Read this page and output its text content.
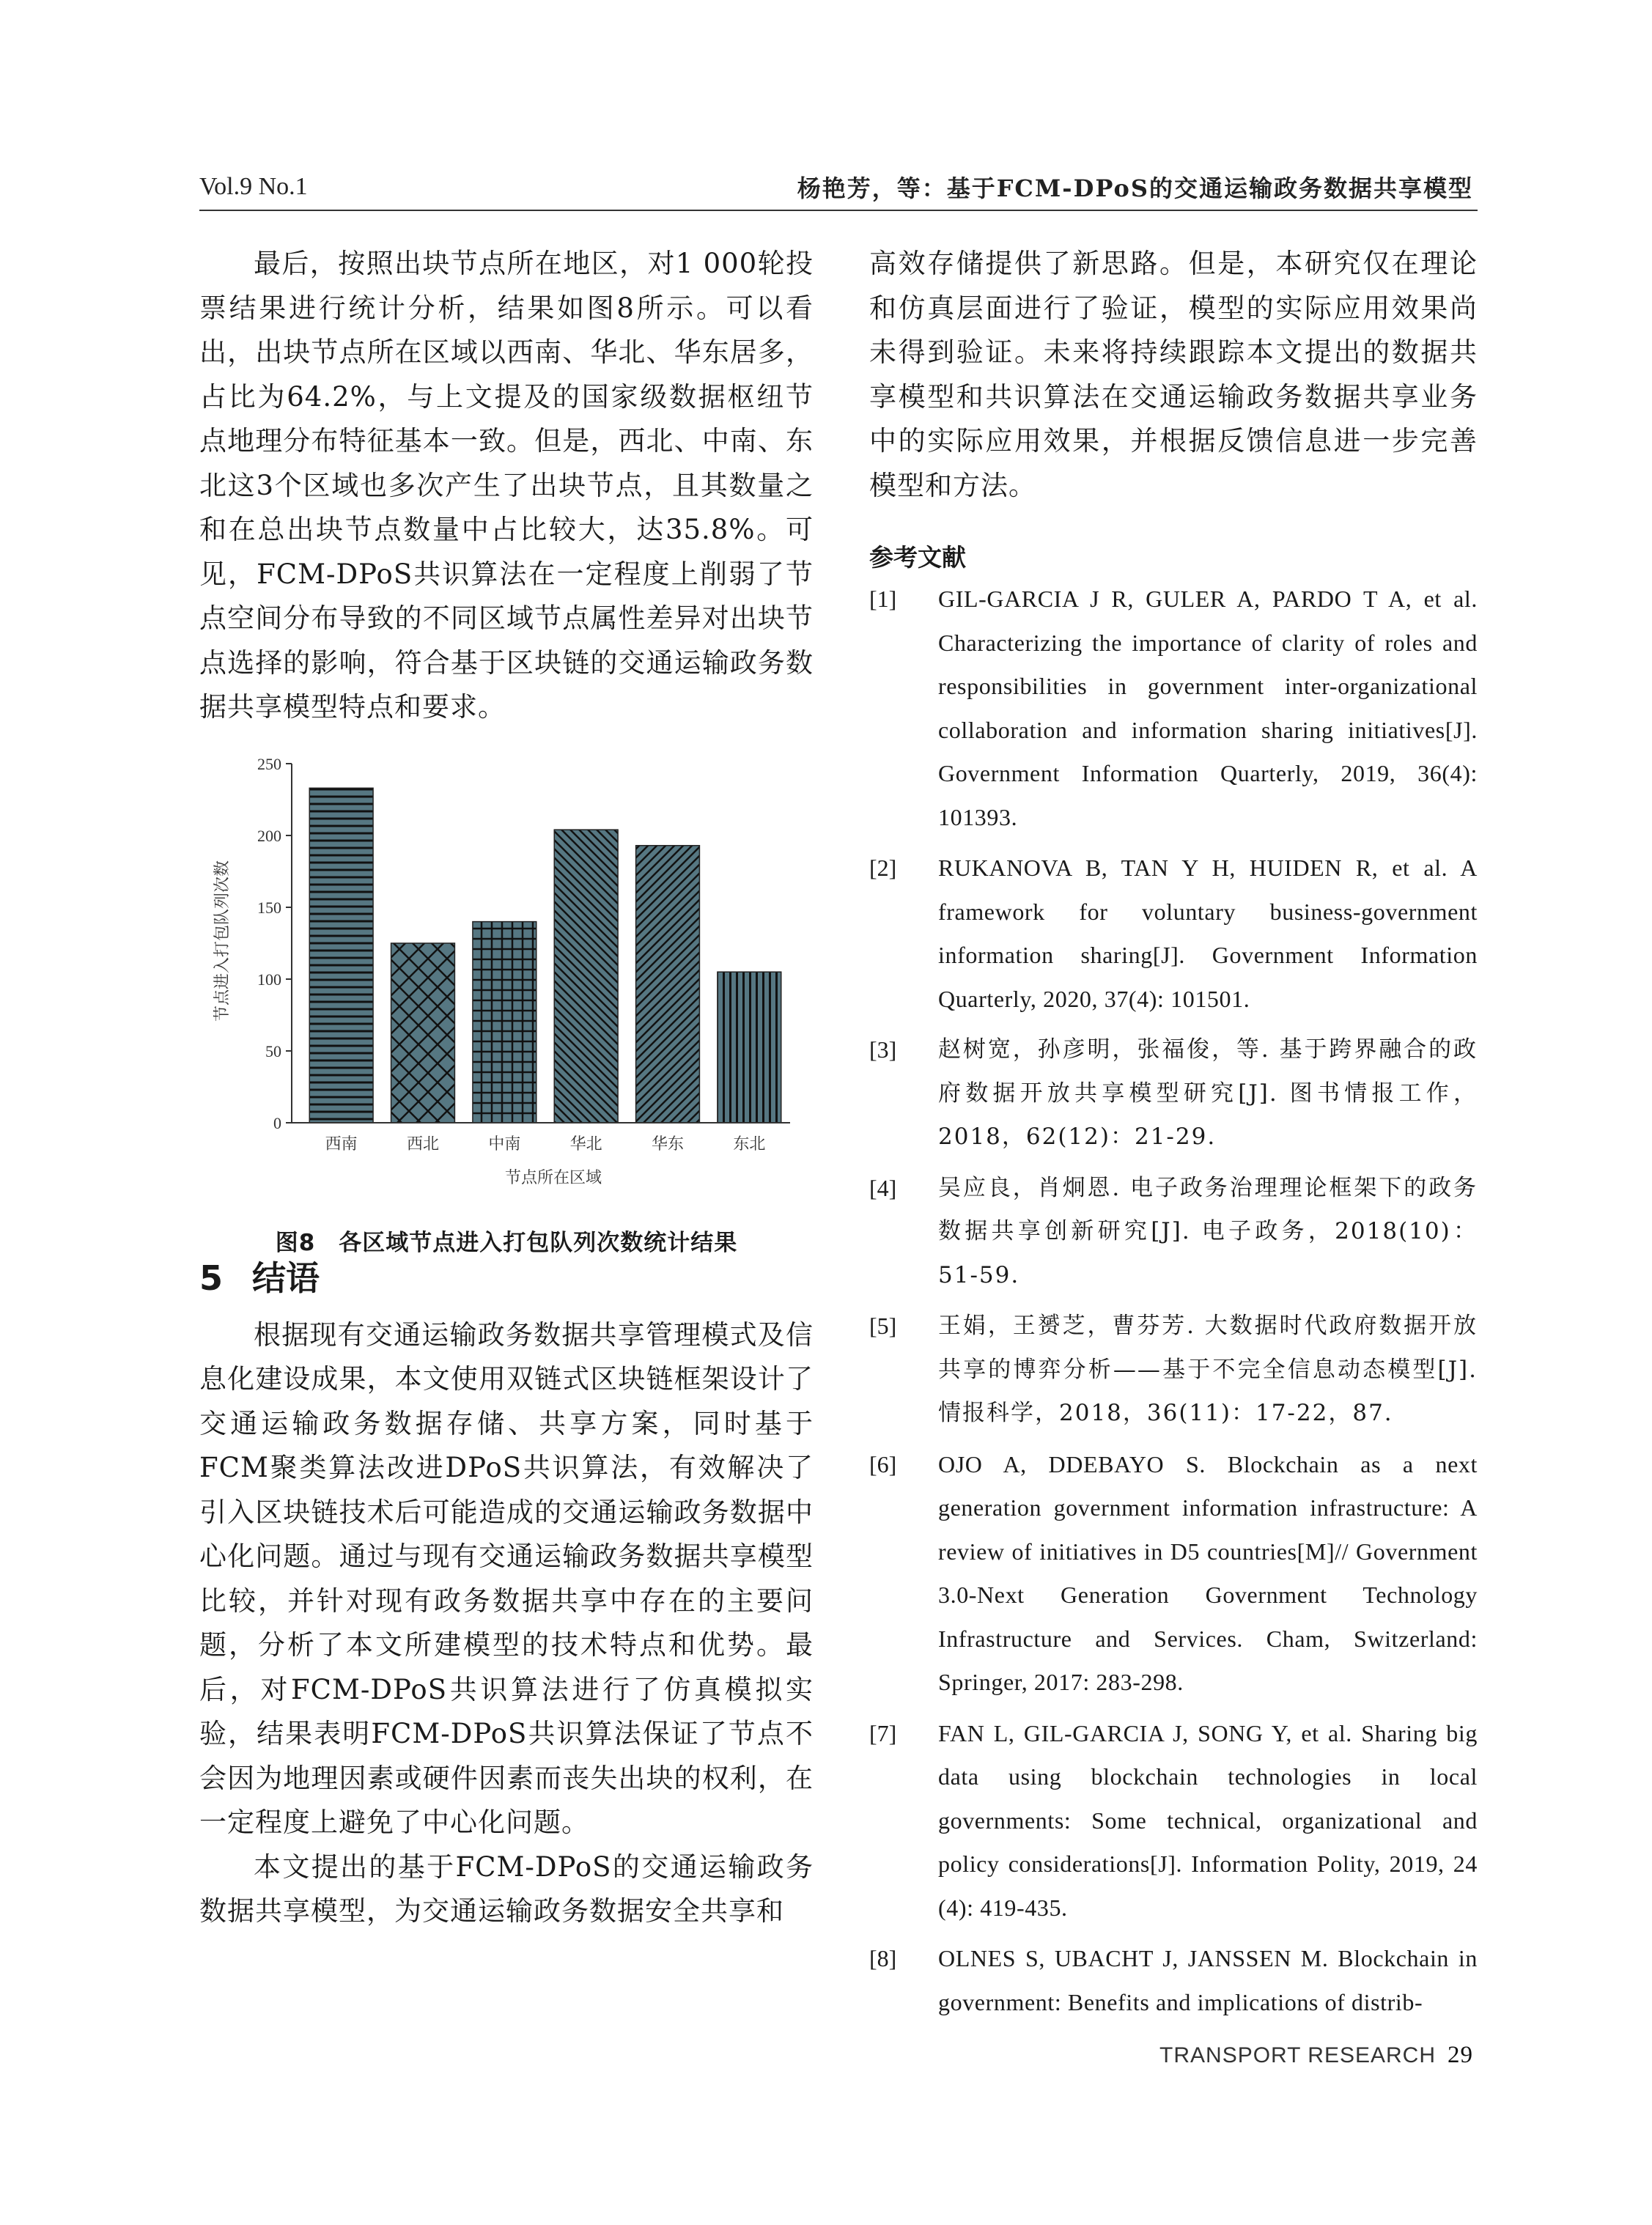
Vol.9 No.1	杨艳芳，等：基于FCM-DPoS的交通运输政务数据共享模型

最后，按照出块节点所在地区，对1 000轮投票结果进行统计分析，结果如图8所示。可以看出，出块节点所在区域以西南、华北、华东居多，占比为64.2%，与上文提及的国家级数据枢纽节点地理分布特征基本一致。但是，西北、中南、东北这3个区域也多次产生了出块节点，且其数量之和在总出块节点数量中占比较大，达35.8%。可见，FCM-DPoS共识算法在一定程度上削弱了节点空间分布导致的不同区域节点属性差异对出块节点选择的影响，符合基于区块链的交通运输政务数据共享模型特点和要求。

西南	西北	中南	华北	华东	东北
0
50
100
150
200
250
节点进入打包队列次数
节点所在区域
图8　各区域节点进入打包队列次数统计结果
5 结语

根据现有交通运输政务数据共享管理模式及信息化建设成果，本文使用双链式区块链框架设计了交通运输政务数据存储、共享方案，同时基于FCM聚类算法改进DPoS共识算法，有效解决了引入区块链技术后可能造成的交通运输政务数据中心化问题。通过与现有交通运输政务数据共享模型比较，并针对现有政务数据共享中存在的主要问题，分析了本文所建模型的技术特点和优势。最后，对FCM-DPoS共识算法进行了仿真模拟实验，结果表明FCM-DPoS共识算法保证了节点不会因为地理因素或硬件因素而丧失出块的权利，在一定程度上避免了中心化问题。

本文提出的基于FCM-DPoS的交通运输政务数据共享模型，为交通运输政务数据安全共享和

高效存储提供了新思路。但是，本研究仅在理论和仿真层面进行了验证，模型的实际应用效果尚未得到验证。未来将持续跟踪本文提出的数据共享模型和共识算法在交通运输政务数据共享业务中的实际应用效果，并根据反馈信息进一步完善模型和方法。

参考文献
[1]	GIL-GARCIA J R, GULER A, PARDO T A, et al. Characterizing the importance of clarity of roles and responsibilities in government inter-organizational collaboration and information sharing initiatives[J]. Government Information Quarterly, 2019, 36(4): 101393.
[2]	RUKANOVA B, TAN Y H, HUIDEN R, et al. A framework for voluntary business-government information sharing[J]. Government Information Quarterly, 2020, 37(4): 101501.
[3]	赵树宽，孙彦明，张福俊，等. 基于跨界融合的政府数据开放共享模型研究[J]. 图书情报工作，2018，62(12)：21-29.
[4]	吴应良，肖炯恩. 电子政务治理理论框架下的政务数据共享创新研究[J]. 电子政务，2018(10)：51-59.
[5]	王娟，王赟芝，曹芬芳. 大数据时代政府数据开放共享的博弈分析——基于不完全信息动态模型[J]. 情报科学，2018，36(11)：17-22，87.
[6]	OJO A, DDEBAYO S. Blockchain as a next generation government information infrastructure: A review of initiatives in D5 countries[M]// Government 3.0-Next Generation Government Technology Infrastructure and Services. Cham, Switzerland: Springer, 2017: 283-298.
[7]	FAN L, GIL-GARCIA J, SONG Y, et al. Sharing big data using blockchain technologies in local governments: Some technical, organizational and policy considerations[J]. Information Polity, 2019, 24 (4): 419-435.
[8]	OLNES S, UBACHT J, JANSSEN M. Blockchain in government: Benefits and implications of distrib-
TRANSPORT RESEARCH 29
